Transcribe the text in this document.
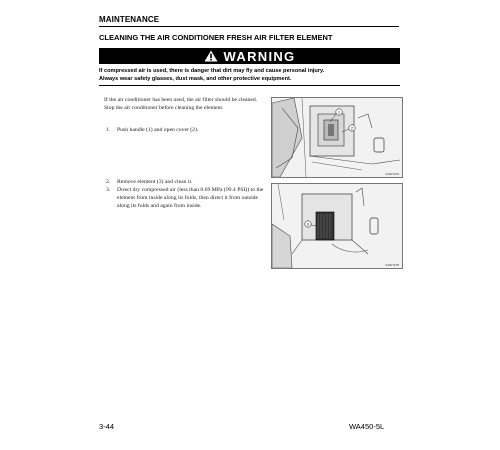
MAINTENANCE
CLEANING THE AIR CONDITIONER FRESH AIR FILTER ELEMENT
WARNING
If compressed air is used, there is danger that dirt may fly and cause personal injury.
Always wear safety glasses, dust mask, and other protective equipment.
If the air conditioner has been used, the air filter should be cleaned. Stop the air conditioner before cleaning the element.
1. Push handle (1) and open cover (2).
1
2
9JA07279
2. Remove element (3) and clean it.
3. Direct dry compressed air (less than 0.69 MPa (99.4 PSI)) to the element from inside along its folds, then direct it from outside along its folds and again from inside.
3
9JA07278
3-44	WA450-5L
